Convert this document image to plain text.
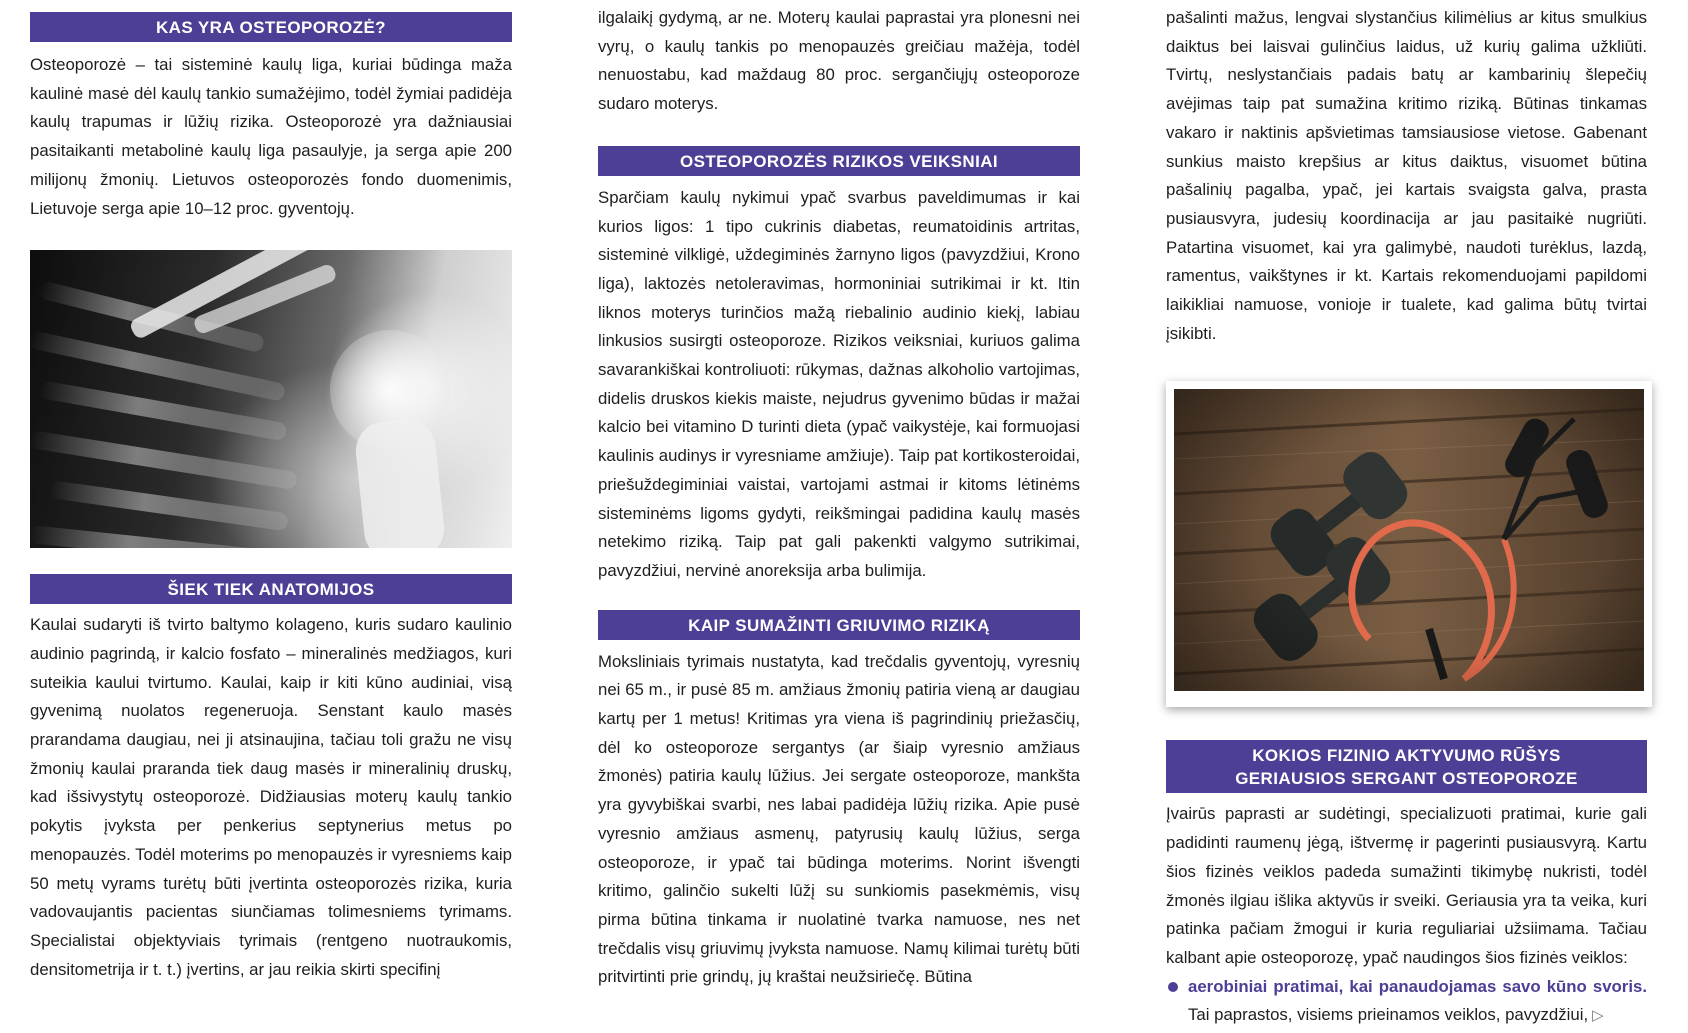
KAS YRA OSTEOPOROZĖ?

Osteoporozė – tai sisteminė kaulų liga, kuriai būdinga maža kaulinė masė dėl kaulų tankio sumažėjimo, todėl žymiai padidėja kaulų trapumas ir lūžių rizika. Osteoporozė yra dažniausiai pasitaikanti metabolinė kaulų liga pasaulyje, ja serga apie 200 milijonų žmonių. Lietuvos osteoporozės fondo duomenimis, Lietuvoje serga apie 10–12 proc. gyventojų.

ŠIEK TIEK ANATOMIJOS

Kaulai sudaryti iš tvirto baltymo kolageno, kuris sudaro kaulinio audinio pagrindą, ir kalcio fosfato – mineralinės medžiagos, kuri suteikia kaului tvirtumo. Kaulai, kaip ir kiti kūno audiniai, visą gyvenimą nuolatos regeneruoja. Senstant kaulo masės prarandama daugiau, nei ji atsinaujina, tačiau toli gražu ne visų žmonių kaulai praranda tiek daug masės ir mineralinių druskų, kad išsivystytų osteoporozė. Didžiausias moterų kaulų tankio pokytis įvyksta per penkerius septynerius metus po menopauzės. Todėl moterims po menopauzės ir vyresniems kaip 50 metų vyrams turėtų būti įvertinta osteoporozės rizika, kuria vadovaujantis pacientas siunčiamas tolimesniems tyrimams. Specialistai objektyviais tyrimais (rentgeno nuotraukomis, densitometrija ir t. t.) įvertins, ar jau reikia skirti specifinį

ilgalaikį gydymą, ar ne. Moterų kaulai paprastai yra plonesni nei vyrų, o kaulų tankis po menopauzės greičiau mažėja, todėl nenuostabu, kad maždaug 80 proc. sergančiųjų osteoporoze sudaro moterys.

OSTEOPOROZĖS RIZIKOS VEIKSNIAI

Sparčiam kaulų nykimui ypač svarbus paveldimumas ir kai kurios ligos: 1 tipo cukrinis diabetas, reumatoidinis artritas, sisteminė vilkligė, uždegiminės žarnyno ligos (pavyzdžiui, Krono liga), laktozės netoleravimas, hormoniniai sutrikimai ir kt. Itin liknos moterys turinčios mažą riebalinio audinio kiekį, labiau linkusios susirgti osteoporoze. Rizikos veiksniai, kuriuos galima savarankiškai kontroliuoti: rūkymas, dažnas alkoholio vartojimas, didelis druskos kiekis maiste, nejudrus gyvenimo būdas ir mažai kalcio bei vitamino D turinti dieta (ypač vaikystėje, kai formuojasi kaulinis audinys ir vyresniame amžiuje). Taip pat kortikosteroidai, priešuždegiminiai vaistai, vartojami astmai ir kitoms lėtinėms sisteminėms ligoms gydyti, reikšmingai padidina kaulų masės netekimo riziką. Taip pat gali pakenkti valgymo sutrikimai, pavyzdžiui, nervinė anoreksija arba bulimija.

KAIP SUMAŽINTI GRIUVIMO RIZIKĄ

Moksliniais tyrimais nustatyta, kad trečdalis gyventojų, vyresnių nei 65 m., ir pusė 85 m. amžiaus žmonių patiria vieną ar daugiau kartų per 1 metus! Kritimas yra viena iš pagrindinių priežasčių, dėl ko osteoporoze sergantys (ar šiaip vyresnio amžiaus žmonės) patiria kaulų lūžius. Jei sergate osteoporoze, mankšta yra gyvybiškai svarbi, nes labai padidėja lūžių rizika. Apie pusė vyresnio amžiaus asmenų, patyrusių kaulų lūžius, serga osteoporoze, ir ypač tai būdinga moterims. Norint išvengti kritimo, galinčio sukelti lūžį su sunkiomis pasekmėmis, visų pirma būtina tinkama ir nuolatinė tvarka namuose, nes net trečdalis visų griuvimų įvyksta namuose. Namų kilimai turėtų būti pritvirtinti prie grindų, jų kraštai neužsiriečę. Būtina

pašalinti mažus, lengvai slystančius kilimėlius ar kitus smulkius daiktus bei laisvai gulinčius laidus, už kurių galima užkliūti. Tvirtų, neslystančiais padais batų ar kambarinių šlepečių avėjimas taip pat sumažina kritimo riziką. Būtinas tinkamas vakaro ir naktinis apšvietimas tamsiausiose vietose. Gabenant sunkius maisto krepšius ar kitus daiktus, visuomet būtina pašalinių pagalba, ypač, jei kartais svaigsta galva, prasta pusiausvyra, judesių koordinacija ar jau pasitaikė nugriūti. Patartina visuomet, kai yra galimybė, naudoti turėklus, lazdą, ramentus, vaikštynes ir kt. Kartais rekomenduojami papildomi laikikliai namuose, vonioje ir tualete, kad galima būtų tvirtai įsikibti.

KOKIOS FIZINIO AKTYVUMO RŪŠYS
GERIAUSIOS SERGANT OSTEOPOROZE

Įvairūs paprasti ar sudėtingi, specializuoti pratimai, kurie gali padidinti raumenų jėgą, ištvermę ir pagerinti pusiausvyrą. Kartu šios fizinės veiklos padeda sumažinti tikimybę nukristi, todėl žmonės ilgiau išlika aktyvūs ir sveiki. Geriausia yra ta veika, kuri patinka pačiam žmogui ir kuria reguliariai užsiimama. Tačiau kalbant apie osteoporozę, ypač naudingos šios fizinės veiklos:

aerobiniai pratimai, kai panaudojamas savo kūno svoris. Tai paprastos, visiems prieinamos veiklos, pavyzdžiui, ▷
